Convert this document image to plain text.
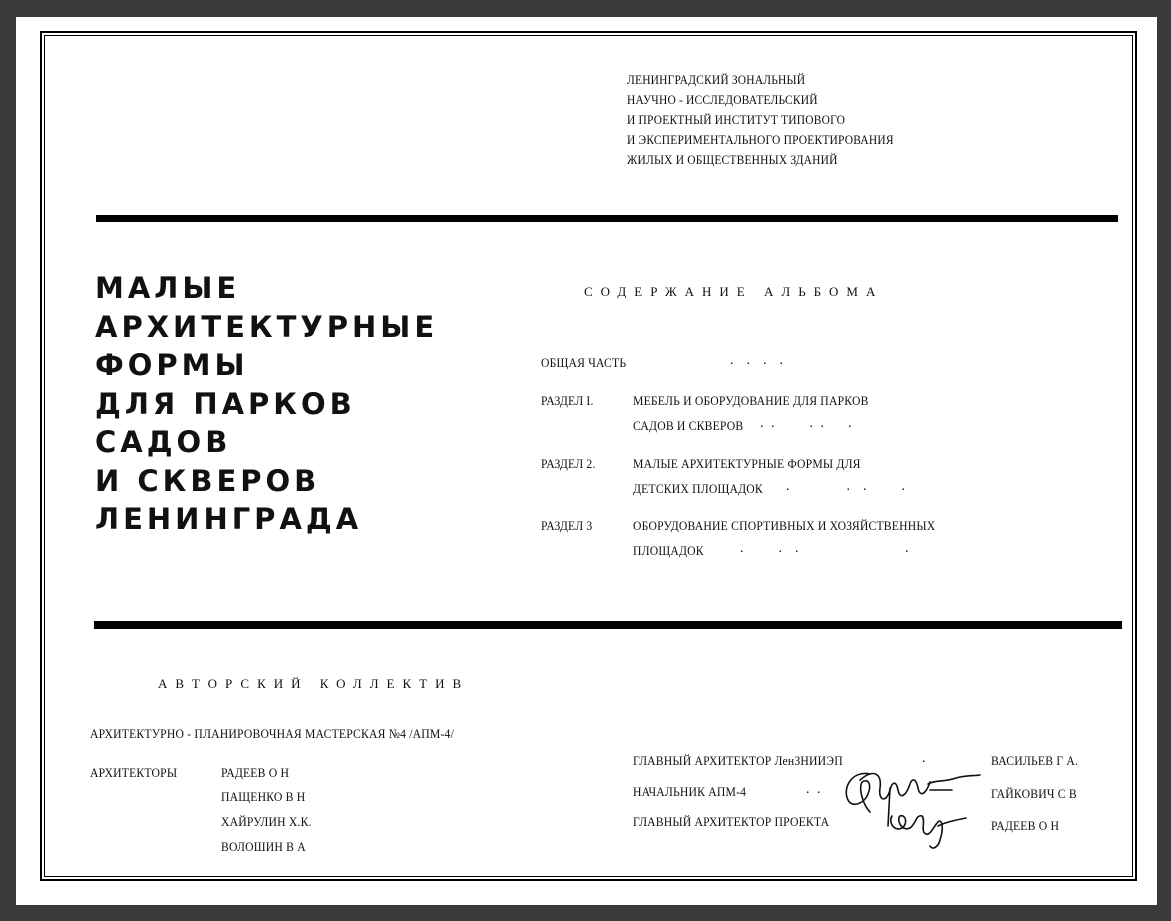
ЛЕНИНГРАДСКИЙ ЗОНАЛЬНЫЙ
НАУЧНО - ИССЛЕДОВАТЕЛЬСКИЙ
И ПРОЕКТНЫЙ ИНСТИТУТ ТИПОВОГО
И ЭКСПЕРИМЕНТАЛЬНОГО ПРОЕКТИРОВАНИЯ
ЖИЛЫХ И ОБЩЕСТВЕННЫХ ЗДАНИЙ
МАЛЫЕ
АРХИТЕКТУРНЫЕ
ФОРМЫ
ДЛЯ ПАРКОВ
САДОВ
И СКВЕРОВ
ЛЕНИНГРАДА
СОДЕРЖАНИЕ АЛЬБОМА
ОБЩАЯ ЧАСТЬ	.  .  .  .
РАЗДЕЛ I.	МЕБЕЛЬ И ОБОРУДОВАНИЕ ДЛЯ ПАРКОВ
САДОВ И СКВЕРОВ . .      . .    .
РАЗДЕЛ 2.	МАЛЫЕ АРХИТЕКТУРНЫЕ ФОРМЫ ДЛЯ
ДЕТСКИХ ПЛОЩАДОК .          .  .      .
РАЗДЕЛ 3	ОБОРУДОВАНИЕ СПОРТИВНЫХ И ХОЗЯЙСТВЕННЫХ
ПЛОЩАДОК	.      .  .                   .
АВТОРСКИЙ КОЛЛЕКТИВ
АРХИТЕКТУРНО - ПЛАНИРОВОЧНАЯ МАСТЕРСКАЯ №4 /АПМ-4/
АРХИТЕКТОРЫ	РАДЕЕВ О Н
ПАЩЕНКО В Н
ХАЙРУЛИН Х.К.
ВОЛОШИН В А
ГЛАВНЫЙ АРХИТЕКТОР ЛенЗНИИЭП	.	ВАСИЛЬЕВ Г А.
НАЧАЛЬНИК АПМ-4	. .	ГАЙКОВИЧ С В
ГЛАВНЫЙ АРХИТЕКТОР ПРОЕКТА	РАДЕЕВ О Н
